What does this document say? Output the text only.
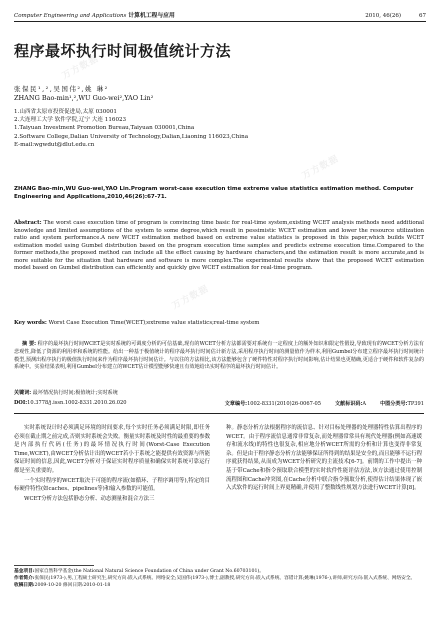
万方数据
万方数据
万方数据
万方数据
Computer Engineering and Applications 计算机工程与应用	2010, 46(26)	67
程序最坏执行时间极值统计方法
张保民¹,²,吴国伟²,姚 琳²
ZHANG Bao-min¹,²,WU Guo-wei²,YAO Lin²
1.山西省太原市投资促进局,太原 030001
2.大连理工大学 软件学院,辽宁 大连 116023
1.Taiyuan Investment Promotion Bureau,Taiyuan 030001,China
2.Software College,Dalian University of Technology,Dalian,Liaoning 116023,China
E-mail:wgwdut@dlut.edu.cn
ZHANG Bao-min,WU Guo-wei,YAO Lin.Program worst-case execution time extreme value statistics estimation method. Computer Engineering and Applications,2010,46(26):67-71.
Abstract: The worst case execution time of program is convincing time basic for real-time system,existing WCET analysis methods need additional knowledge and limited assumptions of the system to some degree,which result in pessimistic WCET estimation and lower the resource utilization ratio and system performance.A new WCET estimation method based on extreme value statistics is proposed in this paper,which builds WCET estimation model using Gumbel distribution based on the program execution time samples and predicts extreme execution time.Compared to the former methods,the proposed method can include all the effect causing by hardware characters,and the estimation result is more accurate,and is more suitable for the situation that hardware and software is more complex.The experimental results show that the proposed WCET estimation model based on Gumbel distribution can efficiently and quickly give WCET estimation for real-time program.
Key words: Worst Case Execution Time(WCET);extreme value statistics;real-time system
摘 要: 程序的最坏执行时间WCET是实时系统的可调度分析的可信基础,现有的WCET分析方法都需要对系统有一定程度上的额外知识和限定性假设,导致现有的WCET分析方法有悲观性,降低了资源的利用率和系统的性能。给出一种基于极值统计的程序最坏执行时间估计新方法,采用程序执行时间的测量值作为样本,利用Gumbel分布建立程序最坏执行时间统计模型,预测出程序执行的极值执行时间来作为程序最坏执行时间估计。与以往的方法相比,该方法能够包含了硬件特性对程序执行时间影响,估计结果也更精确,更适合于硬件和软件复杂的系统中。实验结果表明,利用Gumbel分布建立的WCET估计模型能够快速且有效地给出实时程序的最坏执行时间估计。
关键词: 最坏情况执行时间;极值统计;实时系统
DOI:10.3778/j.issn.1002-8331.2010.26.020	文章编号:1002-8331(2010)26-0067-05	文献标识码:A	中图分类号:TP391

实时系统设计时必须满足环境的时间要求,每个实时任务必须满足时限,即任务必须在截止期之前完成,否则实时系统会失败。衡量实时系统及时性的最重要的参数是内部执行代码(任务)的最坏情况执行时间(Worst-Case Execution Time,WCET),由WCET分析估计出的WCET若小于系统之能提供有效资源与所能保证时间的信息,因此,WCET分析对于保证实时程序质量和确保实时系统可靠运行都是至关重要的。

一个实时程序的WCET取决于可能的程序流(如循环、子程序调用等),特定的目标硬件特性(如caches、pipelines等)和输入参数的可能值。

WCET分析方法包括静态分析、动态测量和混合方法三

种。静态分析方法根据程序的流信息、针对目标处理器的处理器特性估算出程序的WCET。由于程序流信息通常非常复杂,而处理器常常具有现代处理器(例如高速缓存和流水线)的特性也很复杂,相应地分析WCET所需的分析和计算也变得非常复杂。但是由于程序静态分析方法能够保证所得到的结果是安全的,而且能够不运行程序就获得结果,从而成为WCET分析研究的主流技术[6-7]。前期的工作中提出一种基于带Cache和指令预取联合模型的实时软件性能评估方法,该方法通过使用控制流程图和Cache冲突图,在Cache分析中联合指令预取分析,使得估计结果体现了嵌入式软件的运行时间上界更精确,并使用了整数线性规划方法进行WCET计算[8]。

基金项目:国家自然科学基金(the National Natural Science Foundation of China under Grant No.60703101)。
作者简介:张保民(1973-),男,工程硕士研究生,研究方向:嵌入式系统、网络安全;吴国伟(1973-),博士,副教授,研究方向:嵌入式系统、容错计算;姚琳(1976-),讲师,研究方向:嵌入式系统、网络安全。
收稿日期:2009-10-20 修回日期:2010-01-18
